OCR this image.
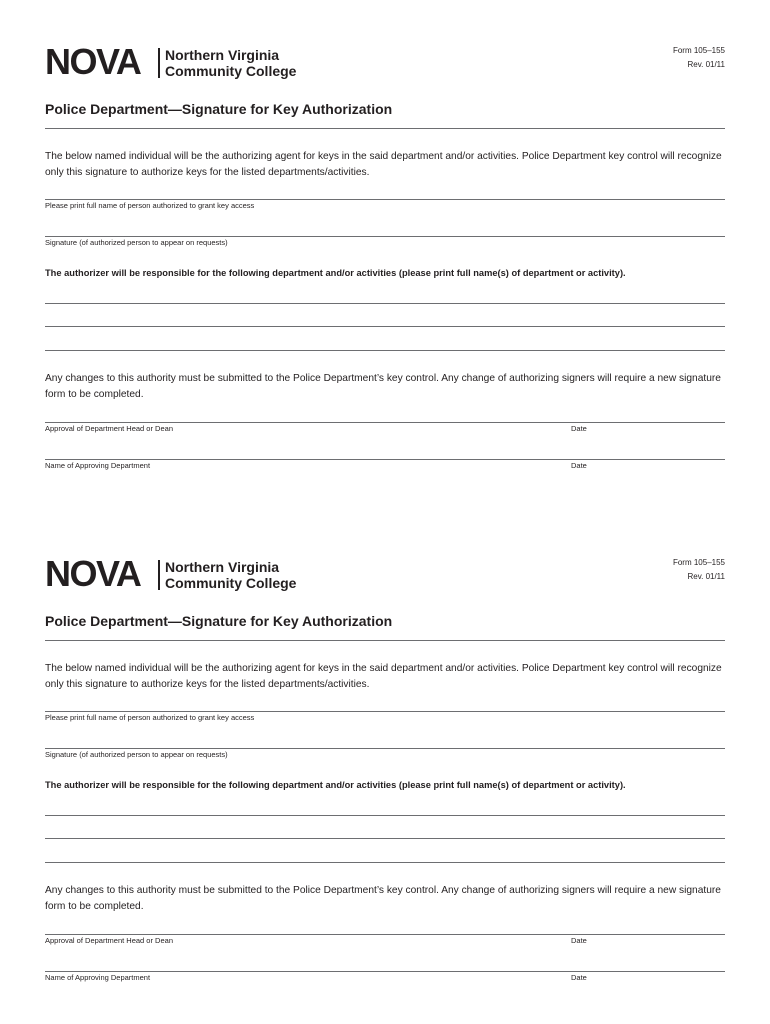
NOVA Northern Virginia
Community College
Form 105–155
Rev. 01/11
Police Department—Signature for Key Authorization
The below named individual will be the authorizing agent for keys in the said department and/or activities. Police Department key control will recognize only this signature to authorize keys for the listed departments/activities.
Please print full name of person authorized to grant key access
Signature (of authorized person to appear on requests)
The authorizer will be responsible for the following department and/or activities (please print full name(s) of department or activity).
Any changes to this authority must be submitted to the Police Department’s key control. Any change of authorizing signers will require a new signature form to be completed.
Approval of Department Head or Dean	Date
Name of Approving Department	Date
NOVA Northern Virginia
Community College
Form 105–155
Rev. 01/11
Police Department—Signature for Key Authorization
The below named individual will be the authorizing agent for keys in the said department and/or activities. Police Department key control will recognize only this signature to authorize keys for the listed departments/activities.
Please print full name of person authorized to grant key access
Signature (of authorized person to appear on requests)
The authorizer will be responsible for the following department and/or activities (please print full name(s) of department or activity).
Any changes to this authority must be submitted to the Police Department’s key control. Any change of authorizing signers will require a new signature form to be completed.
Approval of Department Head or Dean	Date
Name of Approving Department	Date
